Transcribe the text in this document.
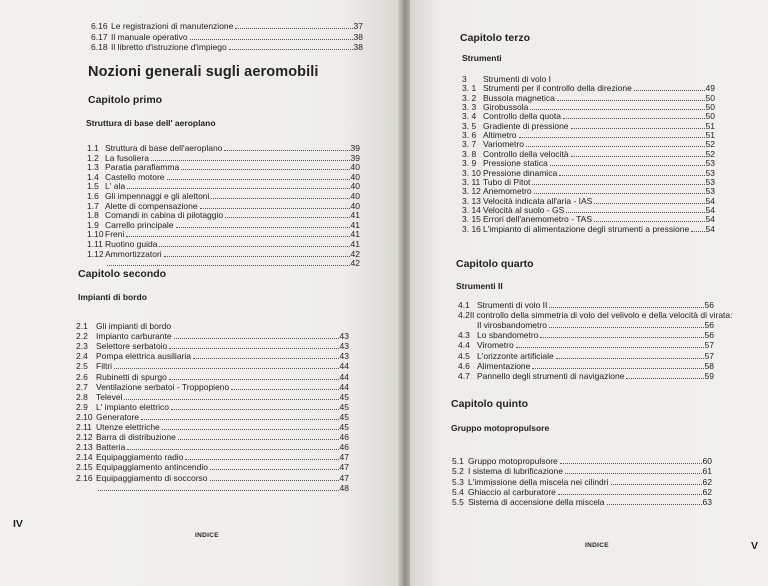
6.16 Le registrazioni di manutenzione	37
6.17 Il manuale operativo	38
6.18 Il libretto d'istruzione d'impiego	38
Nozioni generali sugli aeromobili
Capitolo primo
Struttura di base dell' aeroplano
1.1 Struttura di base dell'aeroplano	39
1.2 La fusoliera	39
1.3 Paratia parafiamma	40
1.4 Castello motore	40
1.5 L' ala	40
1.6 Gli impennaggi e gli alettoni	40
1.7 Alette di compensazione	40
1.8 Comandi in cabina di pilotaggio	41
1.9 Carrello principale	41
1.10 Freni	41
1.11 Ruotino guida	41
1.12 Ammortizzatori	42
42
Capitolo secondo
Impianti di bordo
2.1 Gli impianti di bordo
2.2 Impianto carburante	43
2.3 Selettore serbatoio	43
2.4 Pompa elettrica ausiliaria	43
2.5 Filtri	44
2.6 Rubinetti di spurgo	44
2.7 Ventilazione serbatoi - Troppopieno	44
2.8 Televel	45
2.9 L' impianto elettrico	45
2.10 Generatore	45
2.11 Utenze elettriche	45
2.12 Barra di distribuzione	46
2.13 Batteria	46
2.14 Equipaggiamento radio	47
2.15 Equipaggiamento antincendio	47
2.16 Equipaggiamento di soccorso	47
48
IV
INDICE
Capitolo terzo
Strumenti
3	Strumenti di volo I
3. 1 Strumenti per il controllo della direzione	49
3. 2 Bussola magnetica	50
3. 3 Girobussola	50
3. 4 Controllo della quota	50
3. 5 Gradiente di pressione	51
3. 6 Altimetro	51
3. 7 Variometro	52
3. 8 Controllo della velocità	52
3. 9 Pressione statica	53
3. 10 Pressione dinamica	53
3. 11 Tubo di Pitot	53
3. 12 Anemometro	53
3. 13 Velocità indicata all'aria - IAS	54
3. 14 Velocità al suolo - GS	54
3. 15 Errori dell'anemometro - TAS	54
3. 16 L'impianto di alimentazione degli strumenti a pressione 54
Capitolo quarto
Strumenti II
4.1 Strumenti di volo II	56
4.2 Il controllo della simmetria di volo del velivolo e della velocità di virata:
Il virosbandometro	56
4.3 Lo sbandometro	56
4.4 Virometro	57
4.5 L'orizzonte artificiale	57
4.6 Alimentazione	58
4.7 Pannello degli strumenti di navigazione	59
Capitolo quinto
Gruppo motopropulsore
5.1 Gruppo motopropulsore	60
5.2 I sistema di lubrificazione	61
5.3 L'immissione della miscela nei cilindri	62
5.4 Ghiaccio al carburatore	62
5.5 Sistema di accensione della miscela	63
INDICE	V
